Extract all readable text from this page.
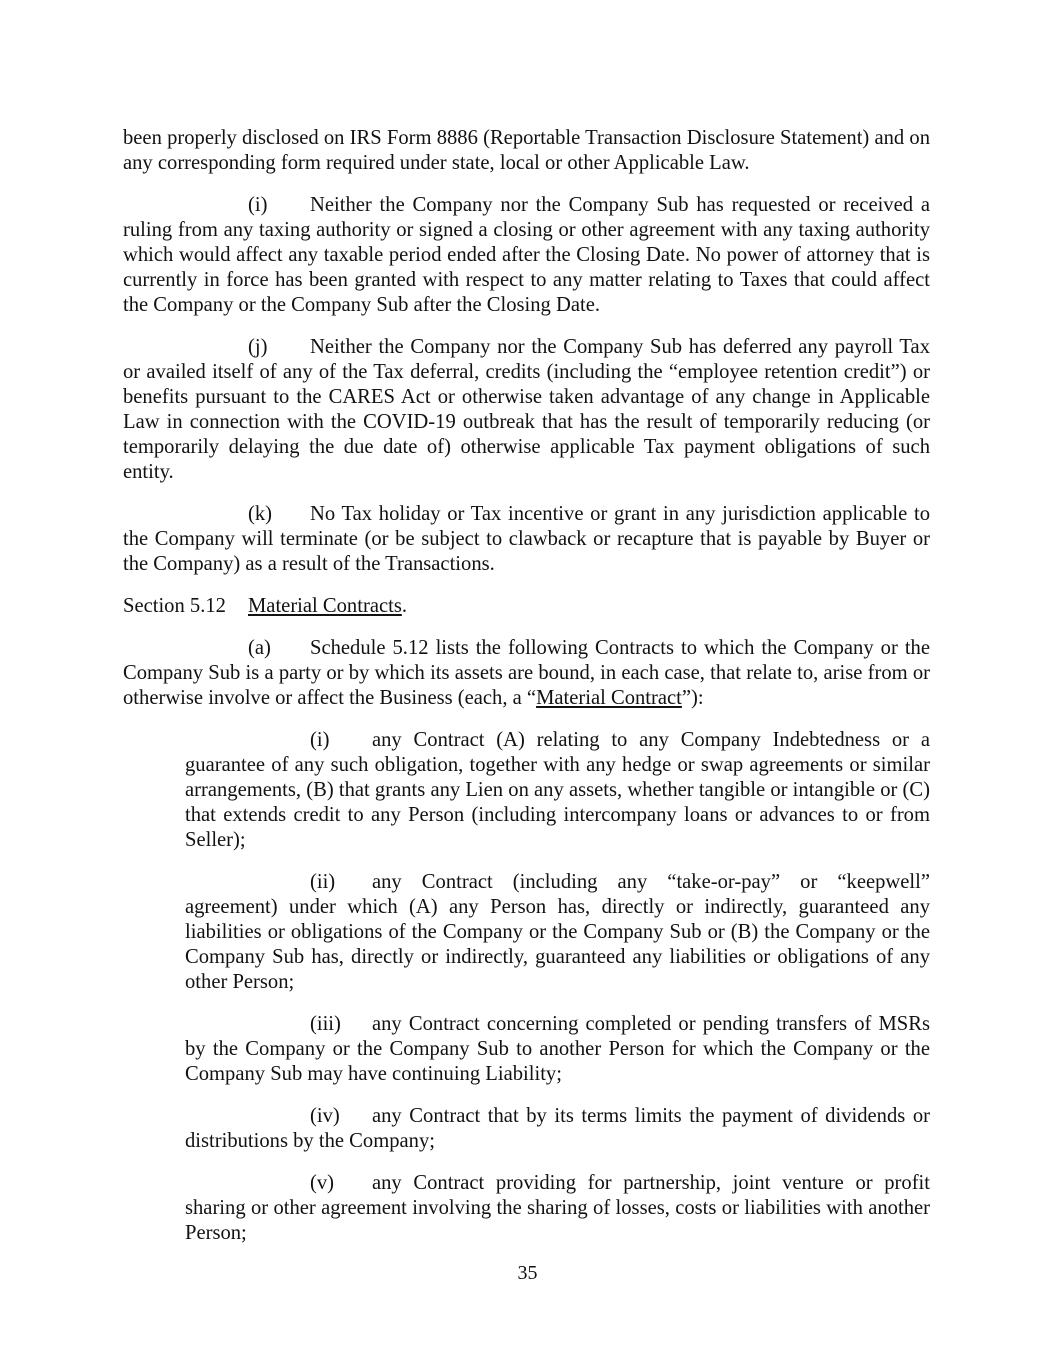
been properly disclosed on IRS Form 8886 (Reportable Transaction Disclosure Statement) and on any corresponding form required under state, local or other Applicable Law.

(i) Neither the Company nor the Company Sub has requested or received a ruling from any taxing authority or signed a closing or other agreement with any taxing authority which would affect any taxable period ended after the Closing Date. No power of attorney that is currently in force has been granted with respect to any matter relating to Taxes that could affect the Company or the Company Sub after the Closing Date.

(j) Neither the Company nor the Company Sub has deferred any payroll Tax or availed itself of any of the Tax deferral, credits (including the “employee retention credit”) or benefits pursuant to the CARES Act or otherwise taken advantage of any change in Applicable Law in connection with the COVID-19 outbreak that has the result of temporarily reducing (or temporarily delaying the due date of) otherwise applicable Tax payment obligations of such entity.

(k) No Tax holiday or Tax incentive or grant in any jurisdiction applicable to the Company will terminate (or be subject to clawback or recapture that is payable by Buyer or the Company) as a result of the Transactions.

Section 5.12 Material Contracts.

(a) Schedule 5.12 lists the following Contracts to which the Company or the Company Sub is a party or by which its assets are bound, in each case, that relate to, arise from or otherwise involve or affect the Business (each, a “Material Contract”):

(i) any Contract (A) relating to any Company Indebtedness or a guarantee of any such obligation, together with any hedge or swap agreements or similar arrangements, (B) that grants any Lien on any assets, whether tangible or intangible or (C) that extends credit to any Person (including intercompany loans or advances to or from Seller);

(ii) any Contract (including any “take-or-pay” or “keepwell” agreement) under which (A) any Person has, directly or indirectly, guaranteed any liabilities or obligations of the Company or the Company Sub or (B) the Company or the Company Sub has, directly or indirectly, guaranteed any liabilities or obligations of any other Person;

(iii) any Contract concerning completed or pending transfers of MSRs by the Company or the Company Sub to another Person for which the Company or the Company Sub may have continuing Liability;

(iv) any Contract that by its terms limits the payment of dividends or distributions by the Company;

(v) any Contract providing for partnership, joint venture or profit sharing or other agreement involving the sharing of losses, costs or liabilities with another Person;

35
